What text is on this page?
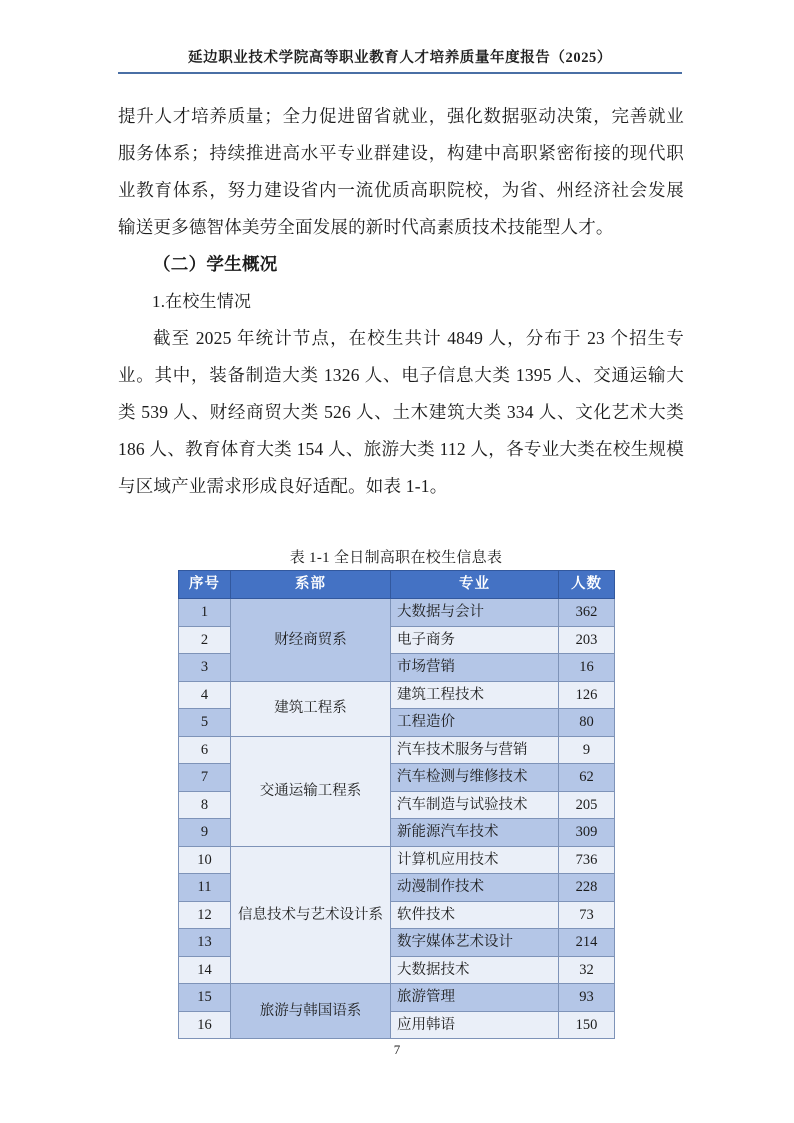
延边职业技术学院高等职业教育人才培养质量年度报告（2025）

提升人才培养质量；全力促进留省就业，强化数据驱动决策，完善就业服务体系；持续推进高水平专业群建设，构建中高职紧密衔接的现代职业教育体系，努力建设省内一流优质高职院校，为省、州经济社会发展输送更多德智体美劳全面发展的新时代高素质技术技能型人才。

（二）学生概况

1.在校生情况

截至 2025 年统计节点，在校生共计 4849 人，分布于 23 个招生专业。其中，装备制造大类 1326 人、电子信息大类 1395 人、交通运输大类 539 人、财经商贸大类 526 人、土木建筑大类 334 人、文化艺术大类 186 人、教育体育大类 154 人、旅游大类 112 人，各专业大类在校生规模与区域产业需求形成良好适配。如表 1-1。

表 1-1 全日制高职在校生信息表
序号	系部	专业	人数
1	财经商贸系	大数据与会计	362
2		电子商务	203
3		市场营销	16
4	建筑工程系	建筑工程技术	126
5		工程造价	80
6	交通运输工程系	汽车技术服务与营销	9
7		汽车检测与维修技术	62
8		汽车制造与试验技术	205
9		新能源汽车技术	309
10	信息技术与艺术设计系	计算机应用技术	736
11		动漫制作技术	228
12		软件技术	73
13		数字媒体艺术设计	214
14		大数据技术	32
15	旅游与韩国语系	旅游管理	93
16		应用韩语	150
7
